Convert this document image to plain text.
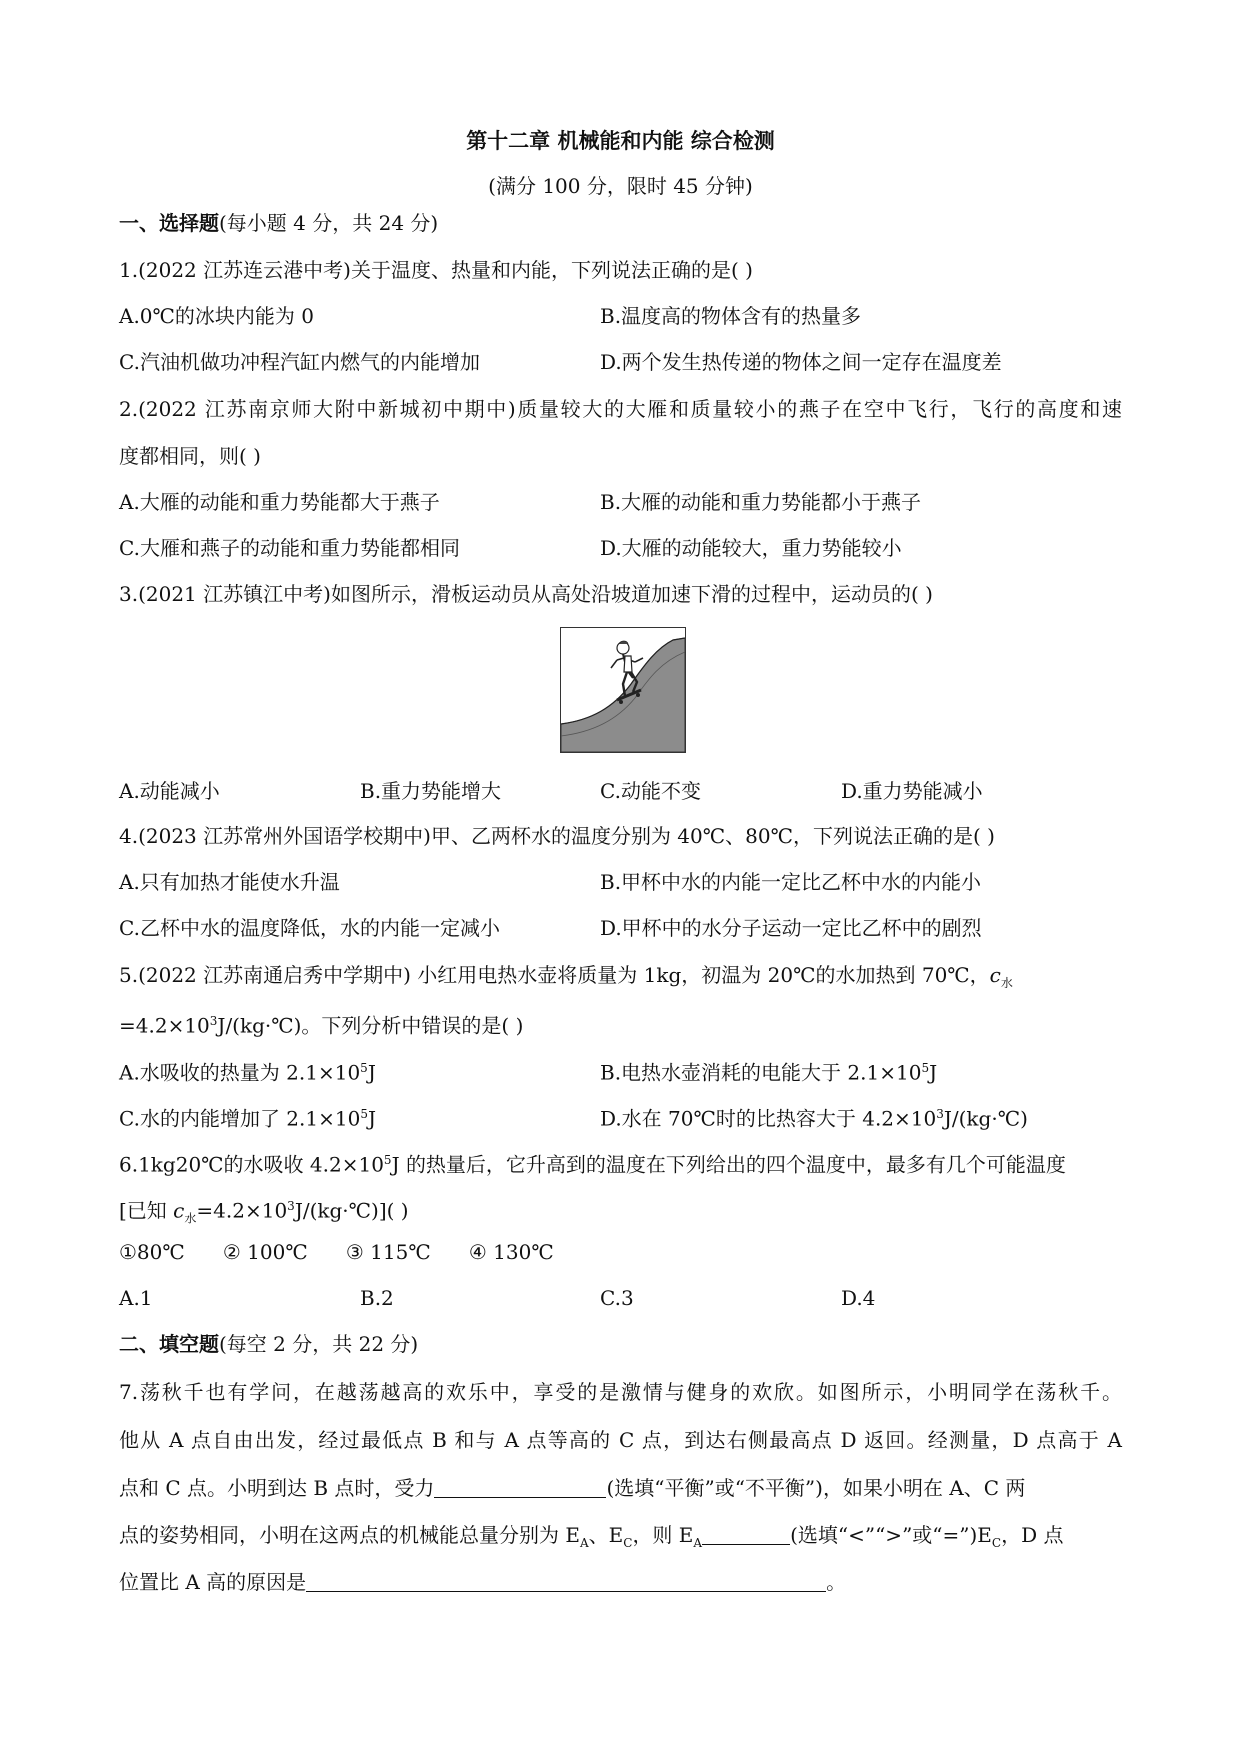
第十二章 机械能和内能 综合检测
(满分 100 分，限时 45 分钟)
一、选择题(每小题 4 分，共 24 分)
1.(2022 江苏连云港中考)关于温度、热量和内能，下列说法正确的是( )
A.0℃的冰块内能为 0	B.温度高的物体含有的热量多
C.汽油机做功冲程汽缸内燃气的内能增加	D.两个发生热传递的物体之间一定存在温度差
2.(2022 江苏南京师大附中新城初中期中)质量较大的大雁和质量较小的燕子在空中飞行，飞行的高度和速
度都相同，则( )
A.大雁的动能和重力势能都大于燕子	B.大雁的动能和重力势能都小于燕子
C.大雁和燕子的动能和重力势能都相同	D.大雁的动能较大，重力势能较小
3.(2021 江苏镇江中考)如图所示，滑板运动员从高处沿坡道加速下滑的过程中，运动员的( )
A.动能减小	B.重力势能增大	C.动能不变	D.重力势能减小
4.(2023 江苏常州外国语学校期中)甲、乙两杯水的温度分别为 40℃、80℃，下列说法正确的是( )
A.只有加热才能使水升温	B.甲杯中水的内能一定比乙杯中水的内能小
C.乙杯中水的温度降低，水的内能一定减小	D.甲杯中的水分子运动一定比乙杯中的剧烈
5.(2022 江苏南通启秀中学期中) 小红用电热水壶将质量为 1kg，初温为 20℃的水加热到 70℃，$c_水$
$=4.2\times 10^3J/(kg\cdot℃)$。下列分析中错误的是( )
A.水吸收的热量为 $2.1\times 10^5J$	B.电热水壶消耗的电能大于 $2.1\times 10^5J$
C.水的内能增加了 $2.1\times 10^5J$	D.水在 70℃时的比热容大于 $4.2\times 10^3J/(kg\cdot℃)$
6.1kg20℃的水吸收 $4.2\times 10^5J$ 的热量后，它升高到的温度在下列给出的四个温度中，最多有几个可能温度
[已知 $c_水=4.2\times 10^3J/(kg\cdot℃)$]( )
①80℃      ② 100℃      ③ 115℃      ④ 130℃
A.1	B.2	C.3	D.4
二、填空题(每空 2 分，共 22 分)
7.荡秋千也有学问，在越荡越高的欢乐中，享受的是激情与健身的欢欣。如图所示，小明同学在荡秋千。
他从 A 点自由出发，经过最低点 B 和与 A 点等高的 C 点，到达右侧最高点 D 返回。经测量，D 点高于 A
点和 C 点。小明到达 B 点时，受力	(选填“平衡”或“不平衡”)，如果小明在 A、C 两
点的姿势相同，小明在这两点的机械能总量分别为 $E_A$、$E_C$，则 $E_A$	(选填“<”“>”或“$=”)E_C$，D 点
位置比 A 高的原因是	。
